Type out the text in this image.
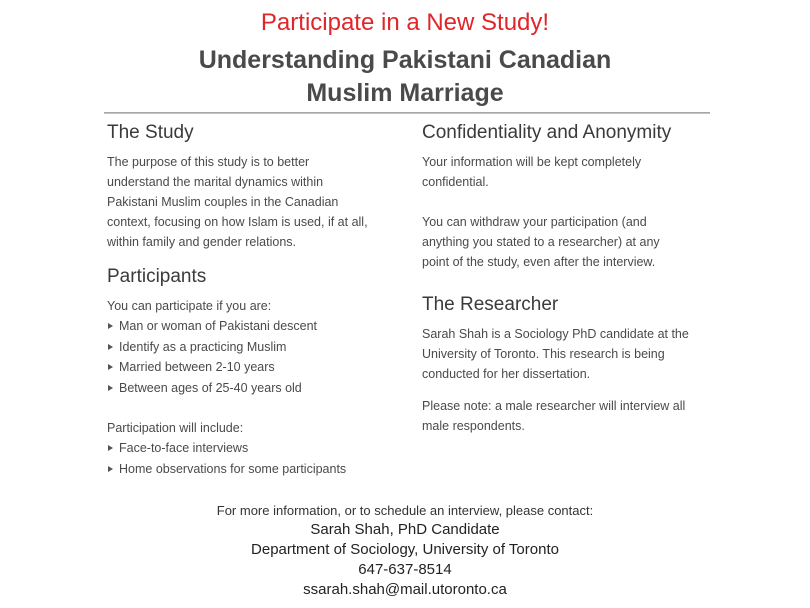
Participate in a New Study!
Understanding Pakistani Canadian
Muslim Marriage
The Study

The purpose of this study is to better

understand the marital dynamics within

Pakistani Muslim couples in the Canadian

context, focusing on how Islam is used, if at all,

within family and gender relations.

Participants

You can participate if you are:

Man or woman of Pakistani descent
Identify as a practicing Muslim
Married between 2-10 years
Between ages of 25-40 years old

Participation will include:

Face-to-face interviews
Home observations for some participants
Confidentiality and Anonymity

Your information will be kept completely

confidential.

You can withdraw your participation (and

anything you stated to a researcher) at any

point of the study, even after the interview.

The Researcher

Sarah Shah is a Sociology PhD candidate at the

University of Toronto. This research is being

conducted for her dissertation.

Please note: a male researcher will interview all

male respondents.

For more information, or to schedule an interview, please contact:
Sarah Shah, PhD Candidate
Department of Sociology, University of Toronto
647-637-8514
ssarah.shah@mail.utoronto.ca
